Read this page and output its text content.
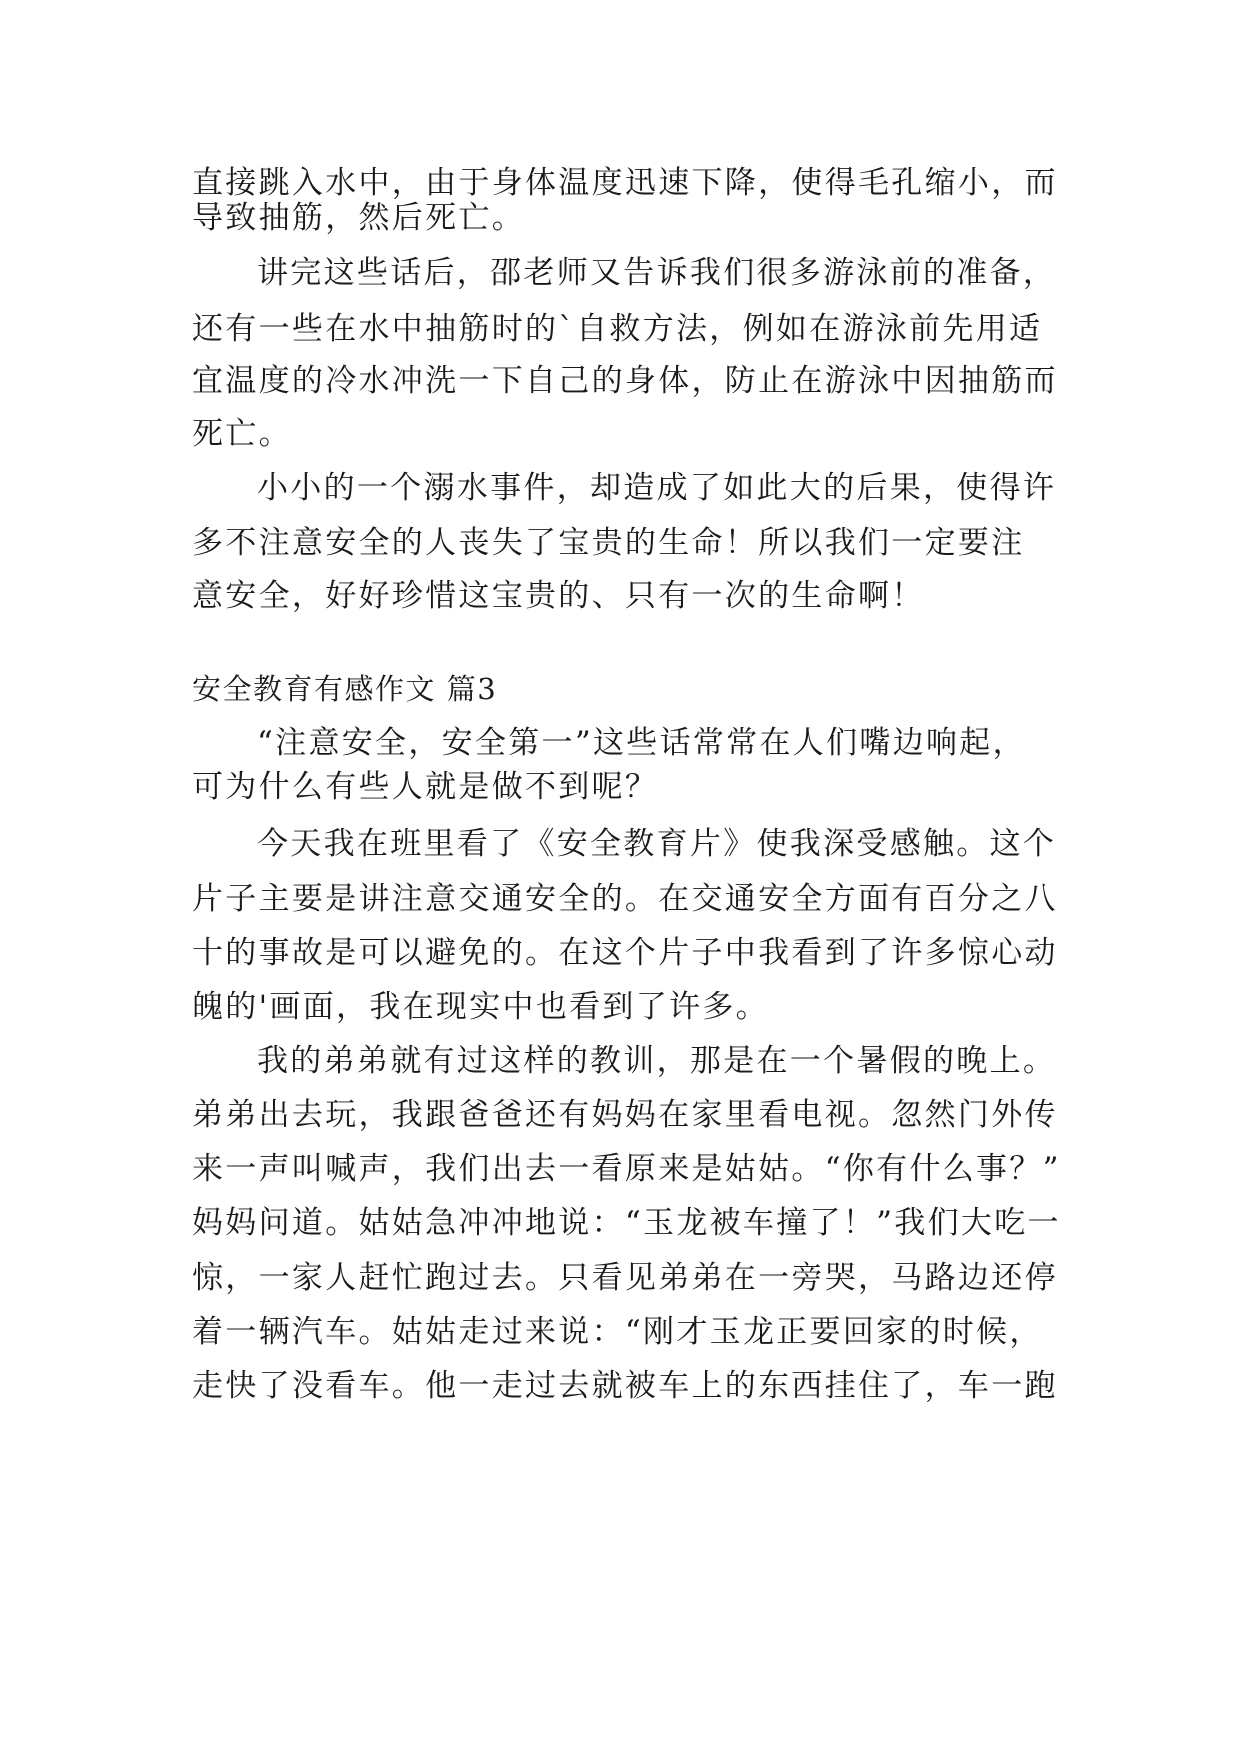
直接跳入水中，由于身体温度迅速下降，使得毛孔缩小，而

导致抽筋，然后死亡。

讲完这些话后，邵老师又告诉我们很多游泳前的准备，

还有一些在水中抽筋时的`自救方法，例如在游泳前先用适

宜温度的冷水冲洗一下自己的身体，防止在游泳中因抽筋而

死亡。

小小的一个溺水事件，却造成了如此大的后果，使得许

多不注意安全的人丧失了宝贵的生命！所以我们一定要注

意安全，好好珍惜这宝贵的、只有一次的生命啊！

安全教育有感作文 篇3

“注意安全，安全第一”这些话常常在人们嘴边响起，

可为什么有些人就是做不到呢？

今天我在班里看了《安全教育片》使我深受感触。这个

片子主要是讲注意交通安全的。在交通安全方面有百分之八

十的事故是可以避免的。在这个片子中我看到了许多惊心动

魄的'画面，我在现实中也看到了许多。

我的弟弟就有过这样的教训，那是在一个暑假的晚上。

弟弟出去玩，我跟爸爸还有妈妈在家里看电视。忽然门外传

来一声叫喊声，我们出去一看原来是姑姑。“你有什么事？”

妈妈问道。姑姑急冲冲地说：“玉龙被车撞了！”我们大吃一

惊，一家人赶忙跑过去。只看见弟弟在一旁哭，马路边还停

着一辆汽车。姑姑走过来说：“刚才玉龙正要回家的时候，

走快了没看车。他一走过去就被车上的东西挂住了，车一跑
